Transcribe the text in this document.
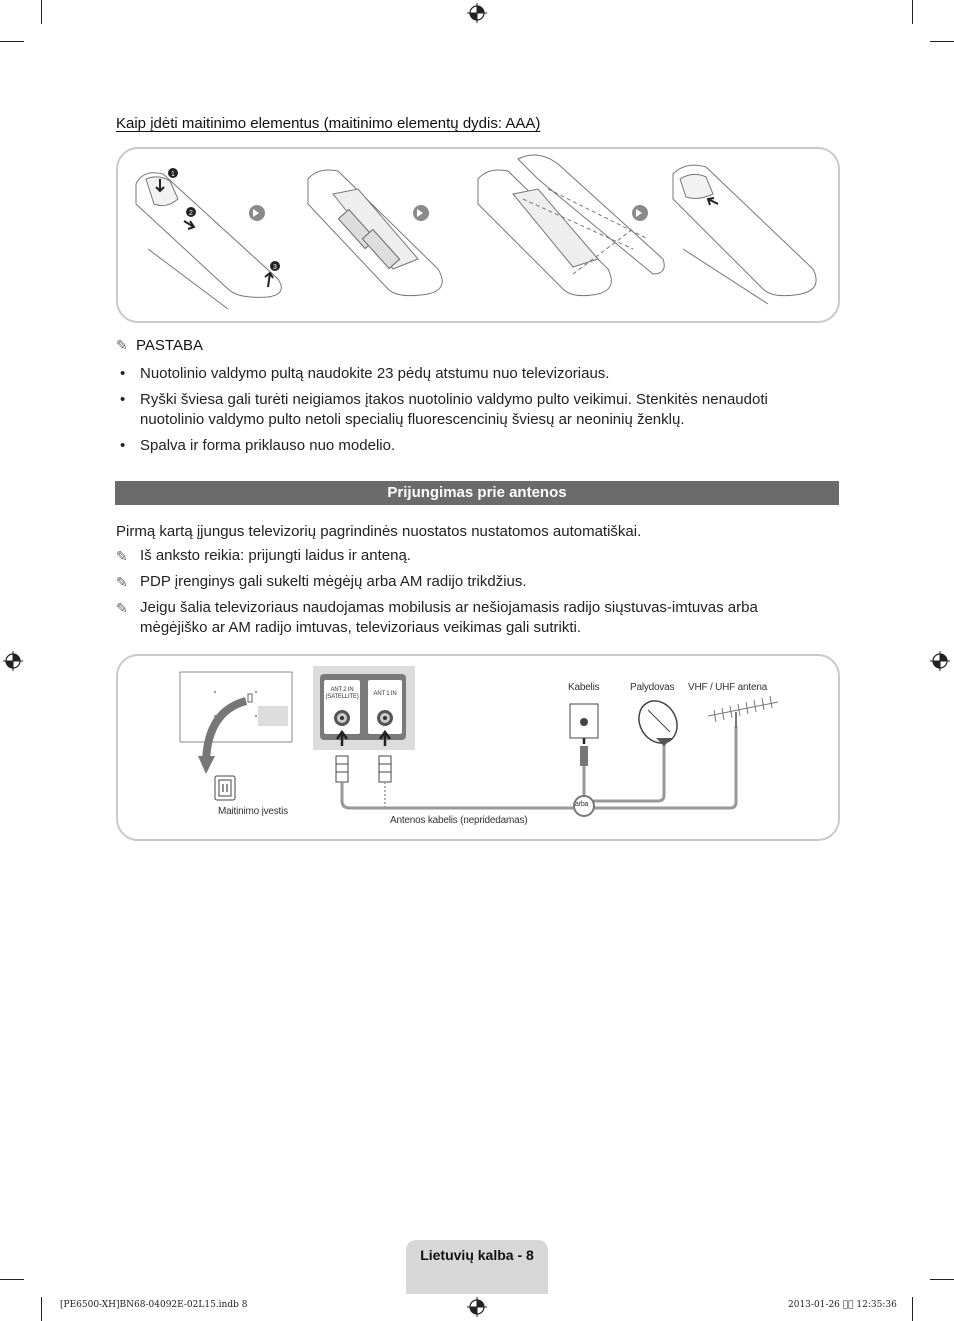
Kaip įdėti maitinimo elementus (maitinimo elementų dydis: AAA)
1
2
3
✎ PASTABA
• Nuotolinio valdymo pultą naudokite 23 pėdų atstumu nuo televizoriaus.
• Ryški šviesa gali turėti neigiamos įtakos nuotolinio valdymo pulto veikimui. Stenkitės nenaudoti nuotolinio valdymo pulto netoli specialių fluorescencinių šviesų ar neoninių ženklų.
• Spalva ir forma priklauso nuo modelio.
Prijungimas prie antenos
Pirmą kartą įjungus televizorių pagrindinės nuostatos nustatomos automatiškai.
✎ Iš anksto reikia: prijungti laidus ir anteną.
✎ PDP įrenginys gali sukelti mėgėjų arba AM radijo trikdžius.
✎ Jeigu šalia televizoriaus naudojamas mobilusis ar nešiojamasis radijo siųstuvas-imtuvas arba mėgėjiško ar AM radijo imtuvas, televizoriaus veikimas gali sutrikti.
ANT 2 IN (SATELLITE)	ANT 1 IN
Kabelis	Palydovas VHF / UHF antena
arba
Maitinimo įvestis
Antenos kabelis (nepridedamas)
Lietuvių kalba - 8
[PE6500-XH]BN68-04092E-02L15.indb 8	2013-01-26 ￿￿ 12:35:36
